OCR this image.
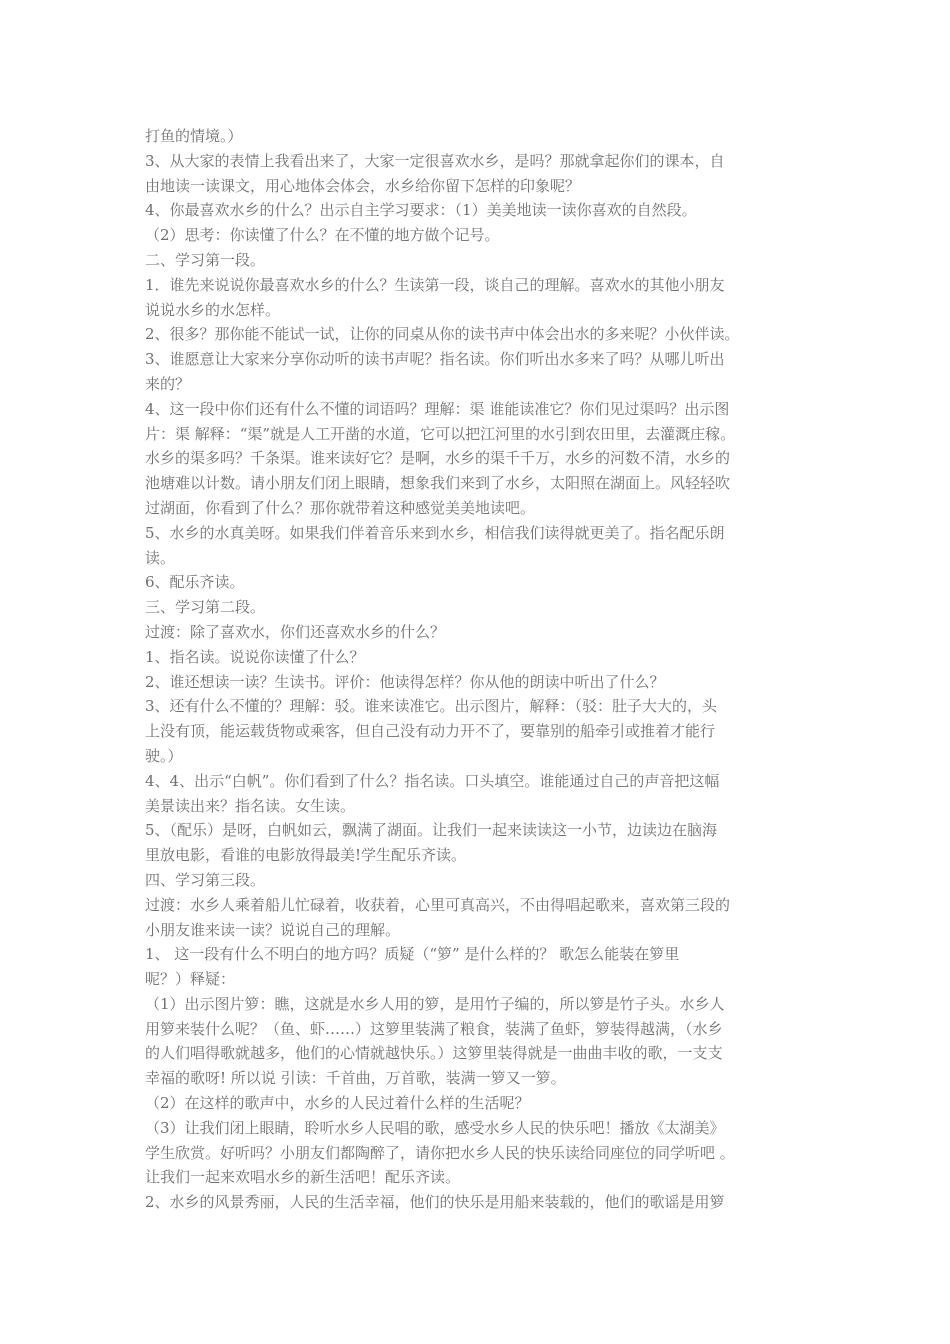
打鱼的情境。）
3、从大家的表情上我看出来了，大家一定很喜欢水乡，是吗？那就拿起你们的课本，自
由地读一读课文，用心地体会体会，水乡给你留下怎样的印象呢？
4、你最喜欢水乡的什么？出示自主学习要求：（1）美美地读一读你喜欢的自然段。
（2）思考：你读懂了什么？在不懂的地方做个记号。
二、学习第一段。
1．谁先来说说你最喜欢水乡的什么？生读第一段，谈自己的理解。喜欢水的其他小朋友
说说水乡的水怎样。
2、很多？那你能不能试一试，让你的同桌从你的读书声中体会出水的多来呢？小伙伴读。
3、谁愿意让大家来分享你动听的读书声呢？指名读。你们听出水多来了吗？从哪儿听出
来的？
4、这一段中你们还有什么不懂的词语吗？理解：渠 谁能读准它？你们见过渠吗？出示图
片：渠 解释：“渠”就是人工开凿的水道，它可以把江河里的水引到农田里，去灌溉庄稼。
水乡的渠多吗？千条渠。谁来读好它？是啊，水乡的渠千千万，水乡的河数不清，水乡的
池塘难以计数。请小朋友们闭上眼睛，想象我们来到了水乡，太阳照在湖面上。风轻轻吹
过湖面，你看到了什么？那你就带着这种感觉美美地读吧。
5、水乡的水真美呀。如果我们伴着音乐来到水乡，相信我们读得就更美了。指名配乐朗
读。
6、配乐齐读。
三、学习第二段。
过渡：除了喜欢水，你们还喜欢水乡的什么？
1、指名读。说说你读懂了什么？
2、谁还想读一读？生读书。评价：他读得怎样？你从他的朗读中听出了什么？
3、还有什么不懂的？理解：驳。谁来读准它。出示图片，解释：（驳：肚子大大的，头
上没有顶，能运载货物或乘客，但自己没有动力开不了，要靠别的船牵引或推着才能行
驶。）
4、4、出示“白帆”。你们看到了什么？指名读。口头填空。谁能通过自己的声音把这幅
美景读出来？指名读。女生读。
5、（配乐）是呀，白帆如云，飘满了湖面。让我们一起来读读这一小节，边读边在脑海
里放电影，看谁的电影放得最美!学生配乐齐读。
四、学习第三段。
过渡：水乡人乘着船儿忙碌着，收获着，心里可真高兴，不由得唱起歌来，喜欢第三段的
小朋友谁来读一读？说说自己的理解。
1、 这一段有什么不明白的地方吗？质疑（“箩” 是什么样的？ 歌怎么能装在箩里
呢？）释疑：
（1）出示图片箩：瞧，这就是水乡人用的箩，是用竹子编的，所以箩是竹子头。水乡人
用箩来装什么呢？（鱼、虾……）这箩里装满了粮食，装满了鱼虾，箩装得越满，（水乡
的人们唱得歌就越多，他们的心情就越快乐。）这箩里装得就是一曲曲丰收的歌，一支支
幸福的歌呀! 所以说 引读：千首曲，万首歌，装满一箩又一箩。
（2）在这样的歌声中，水乡的人民过着什么样的生活呢？
（3）让我们闭上眼睛，聆听水乡人民唱的歌，感受水乡人民的快乐吧！播放《太湖美》
学生欣赏。好听吗？小朋友们都陶醉了，请你把水乡人民的快乐读给同座位的同学听吧 。
让我们一起来欢唱水乡的新生活吧！配乐齐读。
2、水乡的风景秀丽，人民的生活幸福，他们的快乐是用船来装载的，他们的歌谣是用箩
